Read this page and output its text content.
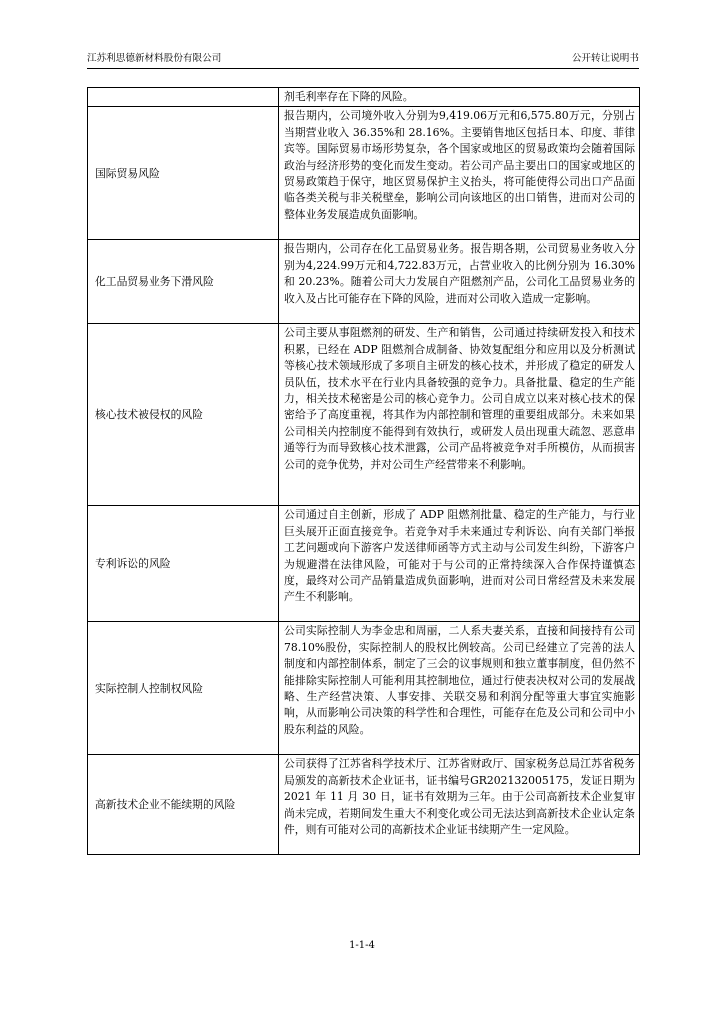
江苏利思德新材料股份有限公司	公开转让说明书
	剂毛利率存在下降的风险。
国际贸易风险	报告期内，公司境外收入分别为9,419.06万元和6,575.80万元，分别占当期营业收入 36.35%和 28.16%。主要销售地区包括日本、印度、菲律宾等。国际贸易市场形势复杂，各个国家或地区的贸易政策均会随着国际政治与经济形势的变化而发生变动。若公司产品主要出口的国家或地区的贸易政策趋于保守，地区贸易保护主义抬头，将可能使得公司出口产品面临各类关税与非关税壁垒，影响公司向该地区的出口销售，进而对公司的整体业务发展造成负面影响。
化工品贸易业务下滑风险	报告期内，公司存在化工品贸易业务。报告期各期，公司贸易业务收入分别为4,224.99万元和4,722.83万元，占营业收入的比例分别为 16.30%和 20.23%。随着公司大力发展自产阻燃剂产品，公司化工品贸易业务的收入及占比可能存在下降的风险，进而对公司收入造成一定影响。
核心技术被侵权的风险	公司主要从事阻燃剂的研发、生产和销售，公司通过持续研发投入和技术积累，已经在 ADP 阻燃剂合成制备、协效复配组分和应用以及分析测试等核心技术领域形成了多项自主研发的核心技术，并形成了稳定的研发人员队伍，技术水平在行业内具备较强的竞争力。具备批量、稳定的生产能力，相关技术秘密是公司的核心竞争力。公司自成立以来对核心技术的保密给予了高度重视，将其作为内部控制和管理的重要组成部分。未来如果公司相关内控制度不能得到有效执行，或研发人员出现重大疏忽、恶意串通等行为而导致核心技术泄露，公司产品将被竞争对手所模仿，从而损害公司的竞争优势，并对公司生产经营带来不利影响。
专利诉讼的风险	公司通过自主创新，形成了 ADP 阻燃剂批量、稳定的生产能力，与行业巨头展开正面直接竞争。若竞争对手未来通过专利诉讼、向有关部门举报工艺问题或向下游客户发送律师函等方式主动与公司发生纠纷，下游客户为规避潜在法律风险，可能对于与公司的正常持续深入合作保持谨慎态度，最终对公司产品销量造成负面影响，进而对公司日常经营及未来发展产生不利影响。
实际控制人控制权风险	公司实际控制人为李金忠和周丽，二人系夫妻关系，直接和间接持有公司 78.10%股份，实际控制人的股权比例较高。公司已经建立了完善的法人制度和内部控制体系，制定了三会的议事规则和独立董事制度，但仍然不能排除实际控制人可能利用其控制地位，通过行使表决权对公司的发展战略、生产经营决策、人事安排、关联交易和利润分配等重大事宜实施影响，从而影响公司决策的科学性和合理性，可能存在危及公司和公司中小股东利益的风险。
高新技术企业不能续期的风险	公司获得了江苏省科学技术厅、江苏省财政厅、国家税务总局江苏省税务局颁发的高新技术企业证书，证书编号GR202132005175，发证日期为 2021 年 11 月 30 日，证书有效期为三年。由于公司高新技术企业复审尚未完成，若期间发生重大不利变化或公司无法达到高新技术企业认定条件，则有可能对公司的高新技术企业证书续期产生一定风险。
1-1-4
